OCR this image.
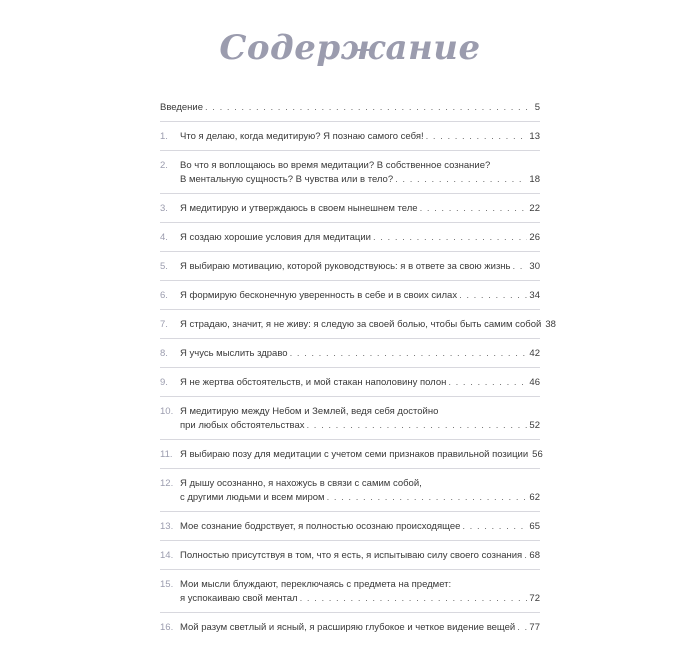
Содержание
Введение . . .	5
1.	Что я делаю, когда медитирую? Я познаю самого себя! . . .	13
2.	Во что я воплощаюсь во время медитации? В собственное сознание?
В ментальную сущность? В чувства или в тело? . . .	18
3.	Я медитирую и утверждаюсь в своем нынешнем теле . . .	22
4.	Я создаю хорошие условия для медитации . . .	26
5.	Я выбираю мотивацию, которой руководствуюсь: я в ответе за свою жизнь . . . 30
6.	Я формирую бесконечную уверенность в себе и в своих силах . . .	34
7.	Я страдаю, значит, я не живу: я следую за своей болью, чтобы быть самим собой 38
8.	Я учусь мыслить здраво . . .	42
9.	Я не жертва обстоятельств, и мой стакан наполовину полон . . .	46
10. Я медитирую между Небом и Землей, ведя себя достойно
при любых обстоятельствах . . .	52
11. Я выбираю позу для медитации с учетом семи признаков правильной позиции 56
12. Я дышу осознанно, я нахожусь в связи с самим собой,
с другими людьми и всем миром . . .	62
13. Мое сознание бодрствует, я полностью осознаю происходящее . . .	65
14. Полностью присутствуя в том, что я есть, я испытываю силу своего сознания . . . 68
15. Мои мысли блуждают, переключаясь с предмета на предмет:
я успокаиваю свой ментал . . .	72
16. Мой разум светлый и ясный, я расширяю глубокое и четкое видение вещей . . . 77
